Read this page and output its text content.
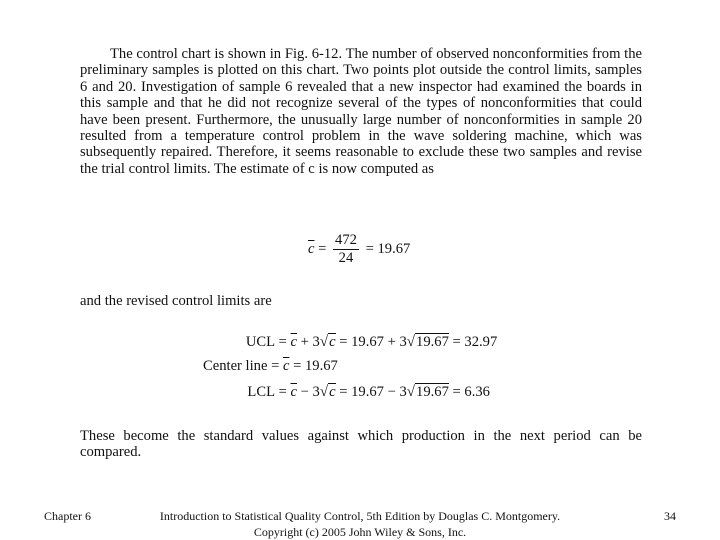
The control chart is shown in Fig. 6-12. The number of observed nonconformities from the preliminary samples is plotted on this chart. Two points plot outside the control limits, samples 6 and 20. Investigation of sample 6 revealed that a new inspector had examined the boards in this sample and that he did not recognize several of the types of nonconformities that could have been present. Furthermore, the unusually large number of nonconformities in sample 20 resulted from a temperature control problem in the wave soldering machine, which was subsequently repaired. Therefore, it seems reasonable to exclude these two samples and revise the trial control limits. The estimate of c is now computed as
$\overline{c} = \frac{472}{24} = 19.67$
and the revised control limits are
UCL = $\overline{c} + 3√c = 19.67 + 3√19.67 = 32.97$
Center line = $\overline{c} = 19.67$
LCL = $\overline{c} - 3√c = 19.67 - 3√19.67 = 6.36$
These become the standard values against which production in the next period can be compared.
Chapter 6	Introduction to Statistical Quality Control, 5th Edition by Douglas C. Montgomery.
Copyright (c) 2005 John Wiley & Sons, Inc.
34
